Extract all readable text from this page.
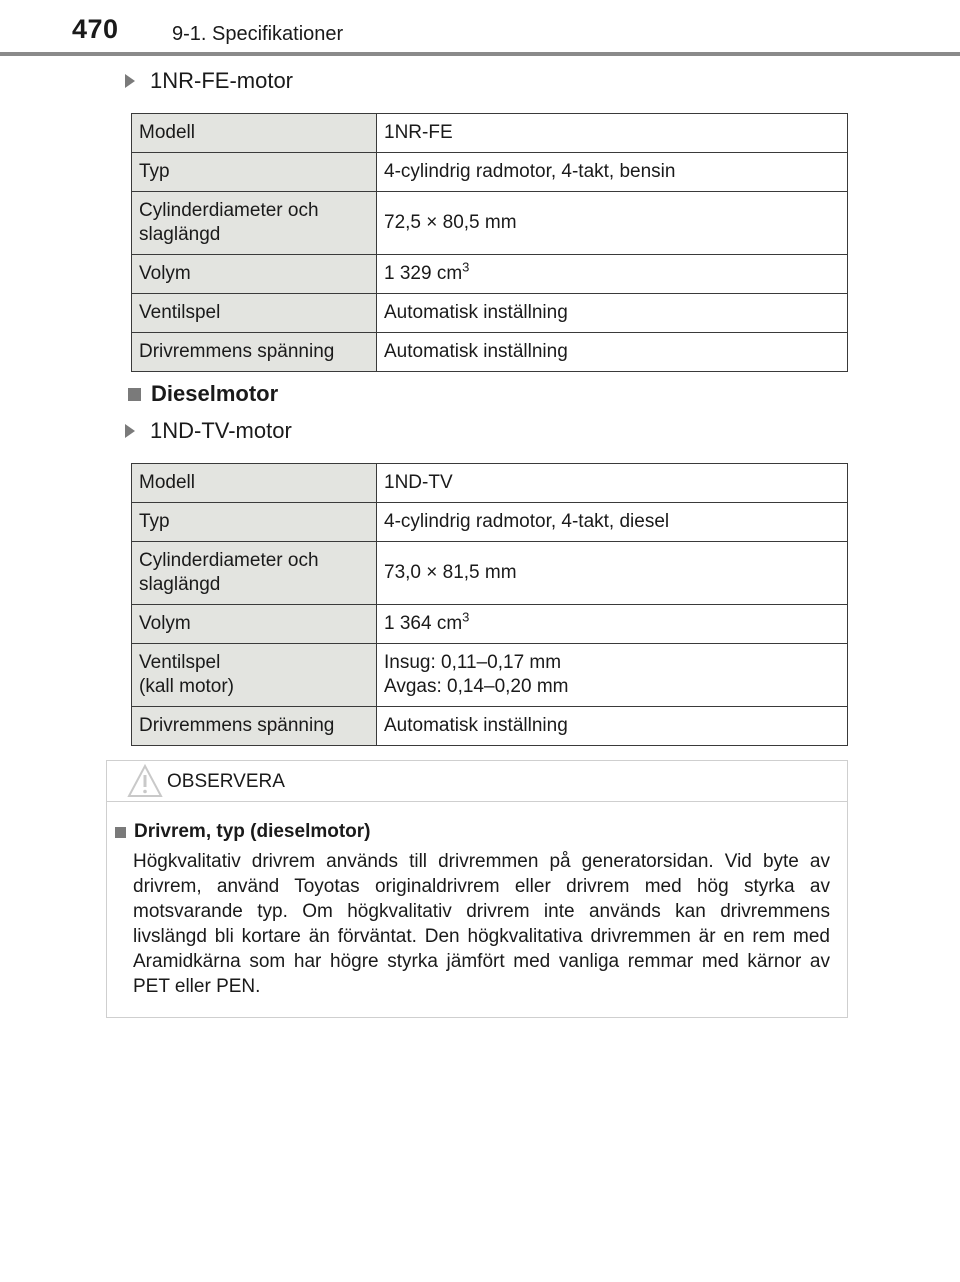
470	9-1. Specifikationer
1NR-FE-motor
Modell	1NR-FE
Typ	4-cylindrig radmotor, 4-takt, bensin
Cylinderdiameter och
slaglängd	72,5 × 80,5 mm
Volym	1 329 $cm^3$
Ventilspel	Automatisk inställning
Drivremmens spänning	Automatisk inställning
Dieselmotor
1ND-TV-motor
Modell	1ND-TV
Typ	4-cylindrig radmotor, 4-takt, diesel
Cylinderdiameter och
slaglängd	73,0 × 81,5 mm
Volym	1 364 $cm^3$
Ventilspel
(kall motor)	Insug: 0,11–0,17 mm
Avgas: 0,14–0,20 mm
Drivremmens spänning	Automatisk inställning
OBSERVERA
Drivrem, typ (dieselmotor)

Högkvalitativ drivrem används till drivremmen på generatorsidan. Vid byte av drivrem, använd Toyotas originaldrivrem eller drivrem med hög styrka av motsvarande typ. Om högkvalitativ drivrem inte används kan drivremmens livslängd bli kortare än förväntat. Den högkvalitativa drivremmen är en rem med Aramidkärna som har högre styrka jämfört med vanliga remmar med kärnor av PET eller PEN.
